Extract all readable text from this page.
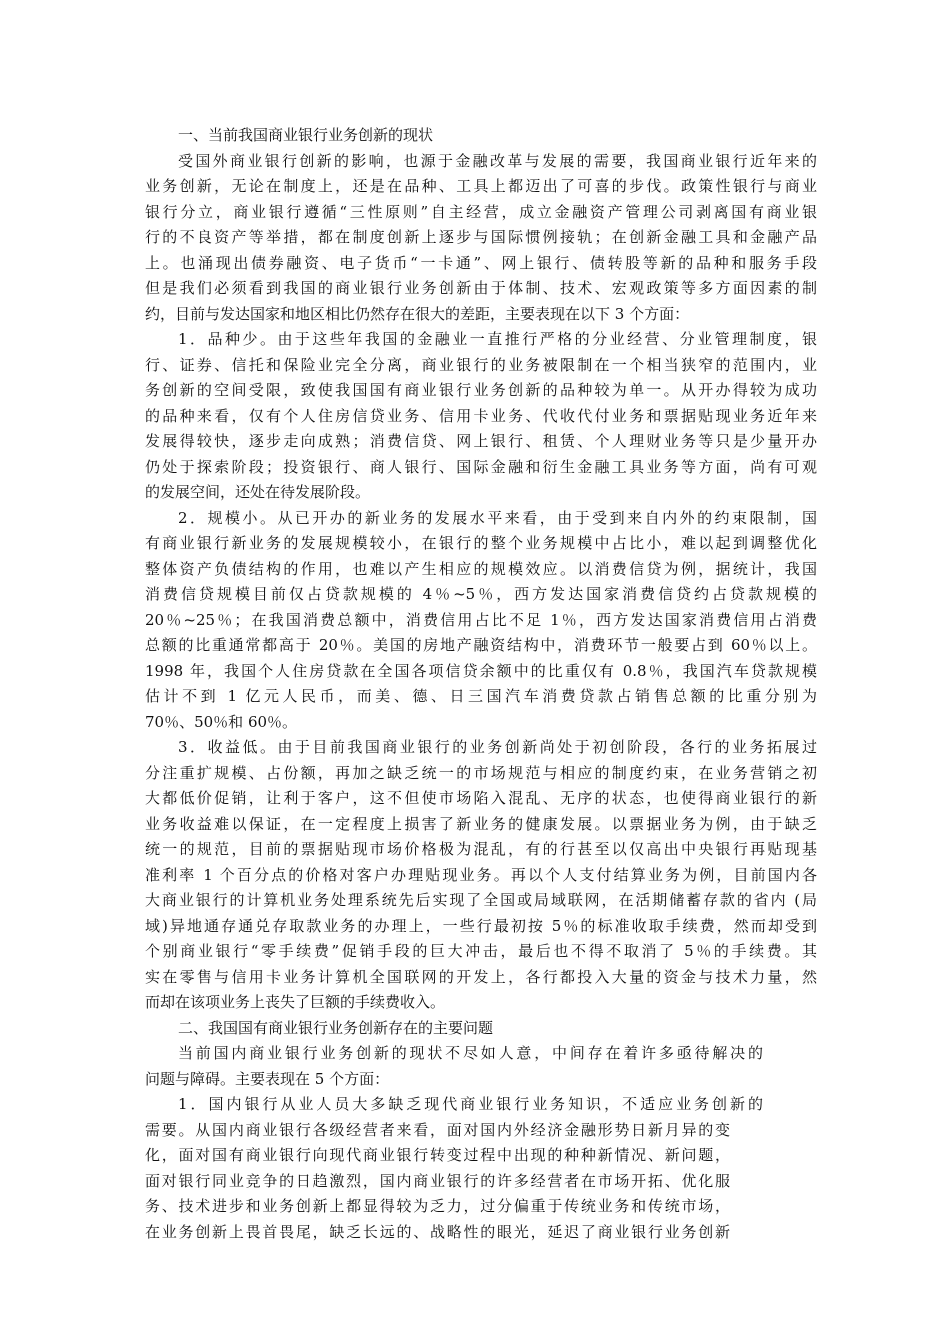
一、当前我国商业银行业务创新的现状
受国外商业银行创新的影响，也源于金融改革与发展的需要，我国商业银行近年来的
业务创新，无论在制度上，还是在品种、工具上都迈出了可喜的步伐。政策性银行与商业
银行分立，商业银行遵循“三性原则”自主经营，成立金融资产管理公司剥离国有商业银
行的不良资产等举措，都在制度创新上逐步与国际惯例接轨；在创新金融工具和金融产品
上。也涌现出债券融资、电子货币“一卡通”、网上银行、债转股等新的品种和服务手段
但是我们必须看到我国的商业银行业务创新由于体制、技术、宏观政策等多方面因素的制
约，目前与发达国家和地区相比仍然存在很大的差距，主要表现在以下 3 个方面：
1．品种少。由于这些年我国的金融业一直推行严格的分业经营、分业管理制度，银
行、证券、信托和保险业完全分离，商业银行的业务被限制在一个相当狭窄的范围内，业
务创新的空间受限，致使我国国有商业银行业务创新的品种较为单一。从开办得较为成功
的品种来看，仅有个人住房信贷业务、信用卡业务、代收代付业务和票据贴现业务近年来
发展得较快，逐步走向成熟；消费信贷、网上银行、租赁、个人理财业务等只是少量开办
仍处于探索阶段；投资银行、商人银行、国际金融和衍生金融工具业务等方面，尚有可观
的发展空间，还处在待发展阶段。
2．规模小。从已开办的新业务的发展水平来看，由于受到来自内外的约束限制，国
有商业银行新业务的发展规模较小，在银行的整个业务规模中占比小，难以起到调整优化
整体资产负债结构的作用，也难以产生相应的规模效应。以消费信贷为例，据统计，我国
消费信贷规模目前仅占贷款规模的 4％~5％，西方发达国家消费信贷约占贷款规模的
20％~25％；在我国消费总额中，消费信用占比不足 1％，西方发达国家消费信用占消费
总额的比重通常都高于 20％。美国的房地产融资结构中，消费环节一般要占到 60％以上。
1998 年，我国个人住房贷款在全国各项信贷余额中的比重仅有 0.8％，我国汽车贷款规模
估计不到 1 亿元人民币，而美、德、日三国汽车消费贷款占销售总额的比重分别为
70％、50％和 60％。
3．收益低。由于目前我国商业银行的业务创新尚处于初创阶段，各行的业务拓展过
分注重扩规模、占份额，再加之缺乏统一的市场规范与相应的制度约束，在业务营销之初
大都低价促销，让利于客户，这不但使市场陷入混乱、无序的状态，也使得商业银行的新
业务收益难以保证，在一定程度上损害了新业务的健康发展。以票据业务为例，由于缺乏
统一的规范，目前的票据贴现市场价格极为混乱，有的行甚至以仅高出中央银行再贴现基
准利率 1 个百分点的价格对客户办理贴现业务。再以个人支付结算业务为例，目前国内各
大商业银行的计算机业务处理系统先后实现了全国或局域联网，在活期储蓄存款的省内 (局
域)异地通存通兑存取款业务的办理上，一些行最初按 5％的标准收取手续费，然而却受到
个别商业银行“零手续费”促销手段的巨大冲击，最后也不得不取消了 5％的手续费。其
实在零售与信用卡业务计算机全国联网的开发上，各行都投入大量的资金与技术力量，然
而却在该项业务上丧失了巨额的手续费收入。
二、我国国有商业银行业务创新存在的主要问题
当前国内商业银行业务创新的现状不尽如人意，中间存在着许多亟待解决的
问题与障碍。主要表现在 5 个方面：
1．国内银行从业人员大多缺乏现代商业银行业务知识，不适应业务创新的
需要。从国内商业银行各级经营者来看，面对国内外经济金融形势日新月异的变
化，面对国有商业银行向现代商业银行转变过程中出现的种种新情况、新问题，
面对银行同业竞争的日趋激烈，国内商业银行的许多经营者在市场开拓、优化服
务、技术进步和业务创新上都显得较为乏力，过分偏重于传统业务和传统市场，
在业务创新上畏首畏尾，缺乏长远的、战略性的眼光，延迟了商业银行业务创新
